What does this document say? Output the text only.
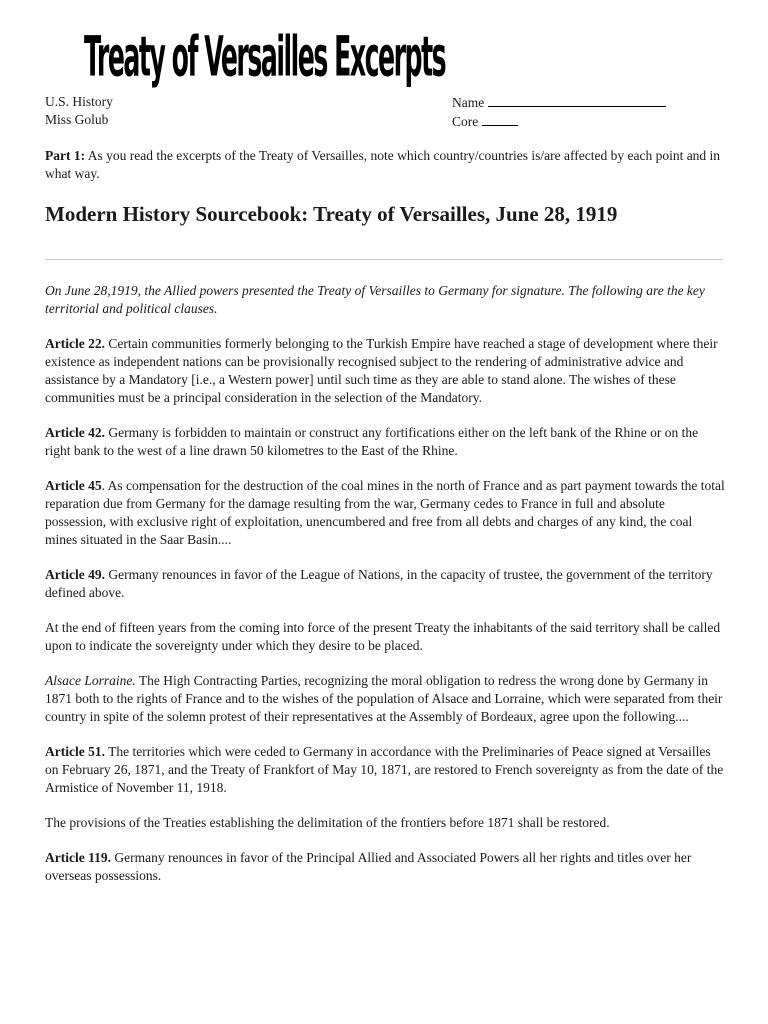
Treaty of Versailles Excerpts
U.S. History
Miss Golub
Name
Core

Part 1: As you read the excerpts of the Treaty of Versailles, note which country/countries is/are affected by each point and in what way.

Modern History Sourcebook: Treaty of Versailles, June 28, 1919

On June 28,1919, the Allied powers presented the Treaty of Versailles to Germany for signature. The following are the key territorial and political clauses.

Article 22. Certain communities formerly belonging to the Turkish Empire have reached a stage of development where their existence as independent nations can be provisionally recognised subject to the rendering of administrative advice and assistance by a Mandatory [i.e., a Western power] until such time as they are able to stand alone. The wishes of these communities must be a principal consideration in the selection of the Mandatory.

Article 42. Germany is forbidden to maintain or construct any fortifications either on the left bank of the Rhine or on the right bank to the west of a line drawn 50 kilometres to the East of the Rhine.

Article 45. As compensation for the destruction of the coal mines in the north of France and as part payment towards the total reparation due from Germany for the damage resulting from the war, Germany cedes to France in full and absolute possession, with exclusive right of exploitation, unencumbered and free from all debts and charges of any kind, the coal mines situated in the Saar Basin....

Article 49. Germany renounces in favor of the League of Nations, in the capacity of trustee, the government of the territory defined above.

At the end of fifteen years from the coming into force of the present Treaty the inhabitants of the said territory shall be called upon to indicate the sovereignty under which they desire to be placed.

Alsace Lorraine. The High Contracting Parties, recognizing the moral obligation to redress the wrong done by Germany in 1871 both to the rights of France and to the wishes of the population of Alsace and Lorraine, which were separated from their country in spite of the solemn protest of their representatives at the Assembly of Bordeaux, agree upon the following....

Article 51. The territories which were ceded to Germany in accordance with the Preliminaries of Peace signed at Versailles on February 26, 1871, and the Treaty of Frankfort of May 10, 1871, are restored to French sovereignty as from the date of the Armistice of November 11, 1918.

The provisions of the Treaties establishing the delimitation of the frontiers before 1871 shall be restored.

Article 119. Germany renounces in favor of the Principal Allied and Associated Powers all her rights and titles over her overseas possessions.
